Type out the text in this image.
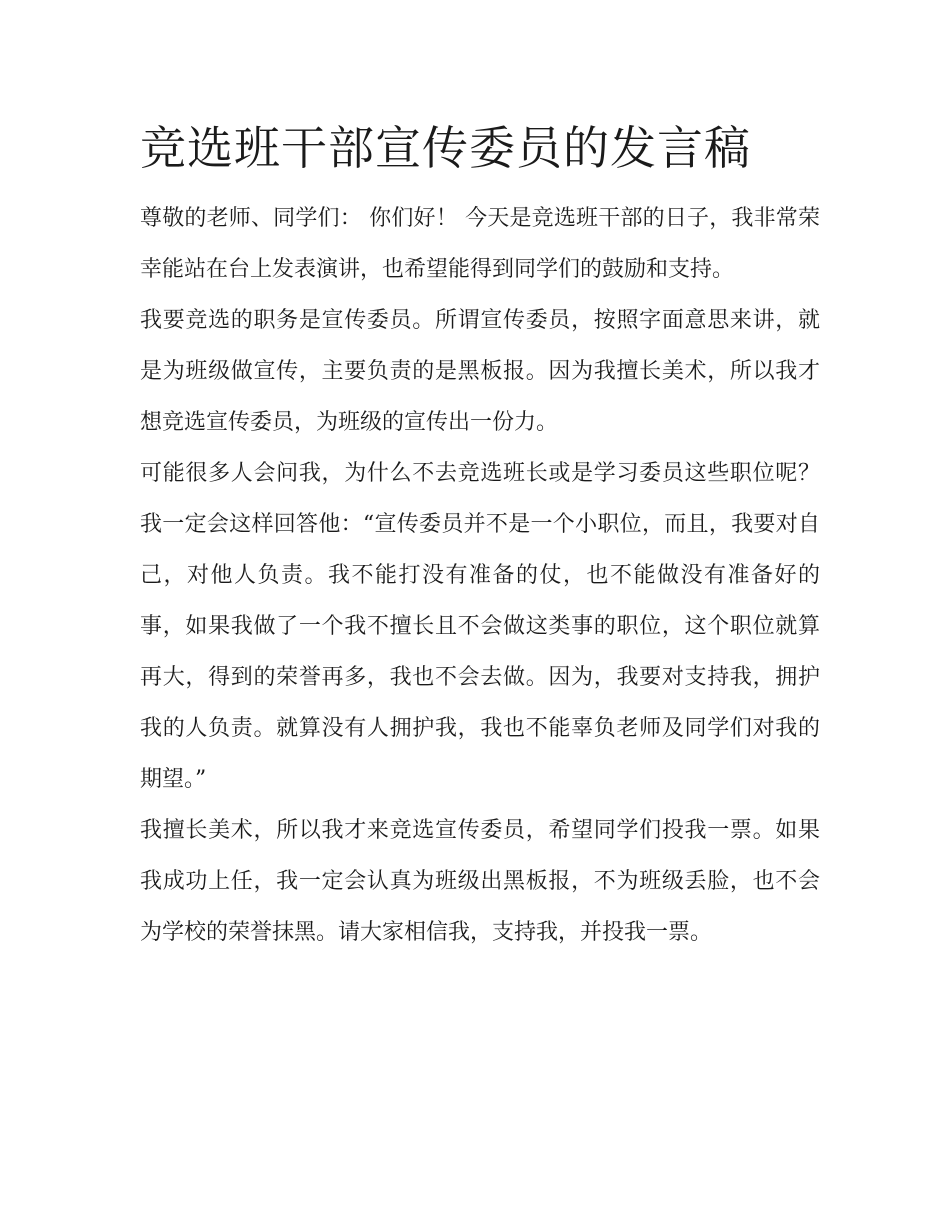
竞选班干部宣传委员的发言稿

尊敬的老师、同学们： 你们好！ 今天是竞选班干部的日子，我非常荣幸能站在台上发表演讲，也希望能得到同学们的鼓励和支持。

我要竞选的职务是宣传委员。所谓宣传委员，按照字面意思来讲，就是为班级做宣传，主要负责的是黑板报。因为我擅长美术，所以我才想竞选宣传委员，为班级的宣传出一份力。

可能很多人会问我，为什么不去竞选班长或是学习委员这些职位呢？我一定会这样回答他：“宣传委员并不是一个小职位，而且，我要对自己，对他人负责。我不能打没有准备的仗，也不能做没有准备好的事，如果我做了一个我不擅长且不会做这类事的职位，这个职位就算再大，得到的荣誉再多，我也不会去做。因为，我要对支持我，拥护我的人负责。就算没有人拥护我，我也不能辜负老师及同学们对我的期望。”

我擅长美术，所以我才来竞选宣传委员，希望同学们投我一票。如果我成功上任，我一定会认真为班级出黑板报，不为班级丢脸，也不会为学校的荣誉抹黑。请大家相信我，支持我，并投我一票。
